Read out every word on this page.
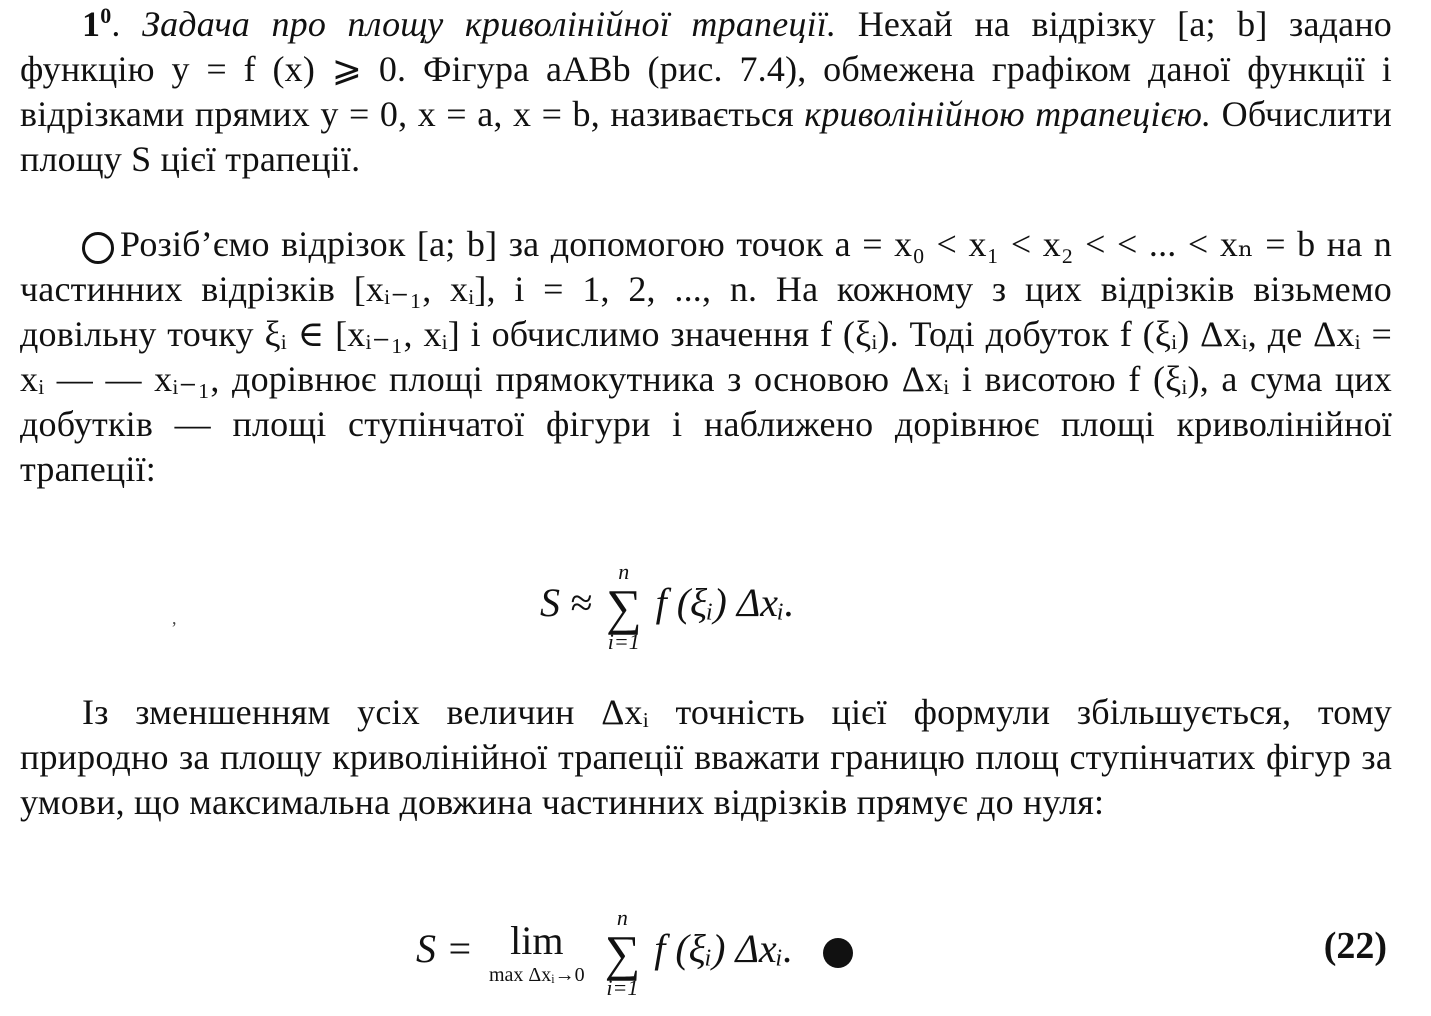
$1^0$. Задача про площу криволінійної трапеції. Нехай на відрізку [a; b] задано функцію y = f (x) ⩾ 0. Фігура aABb (рис. 7.4), обмежена графіком даної функції і відрізками прямих y = 0, x = a, x = b, називається криволінійною трапецією. Обчислити площу S цієї трапеції.

Розіб’ємо відрізок [a; b] за допомогою точок a = x₀ < x₁ < x₂ < < ... < xₙ = b на n частинних відрізків [xᵢ₋₁, xᵢ], i = 1, 2, ..., n. На кожному з цих відрізків візьмемо довільну точку ξᵢ ∈ [xᵢ₋₁, xᵢ] і обчислимо значення f (ξᵢ). Тоді добуток f (ξᵢ) Δxᵢ, де Δxᵢ = xᵢ — — xᵢ₋₁, дорівнює площі прямокутника з основою Δxᵢ і висотою f (ξᵢ), а сума цих добутків — площі ступінчатої фігури і наближено дорівнює площі криволінійної трапеції:

S ≈
n
∑
i=1
f (ξᵢ) Δxᵢ.
,

Із зменшенням усіх величин Δxᵢ точність цієї формули збільшується, тому природно за площу криволінійної трапеції вважати границю площ ступінчатих фігур за умови, що максимальна довжина частинних відрізків прямує до нуля:

S = lim
max Δxᵢ→0

n
∑
i=1
f (ξᵢ) Δxᵢ.	(22)
